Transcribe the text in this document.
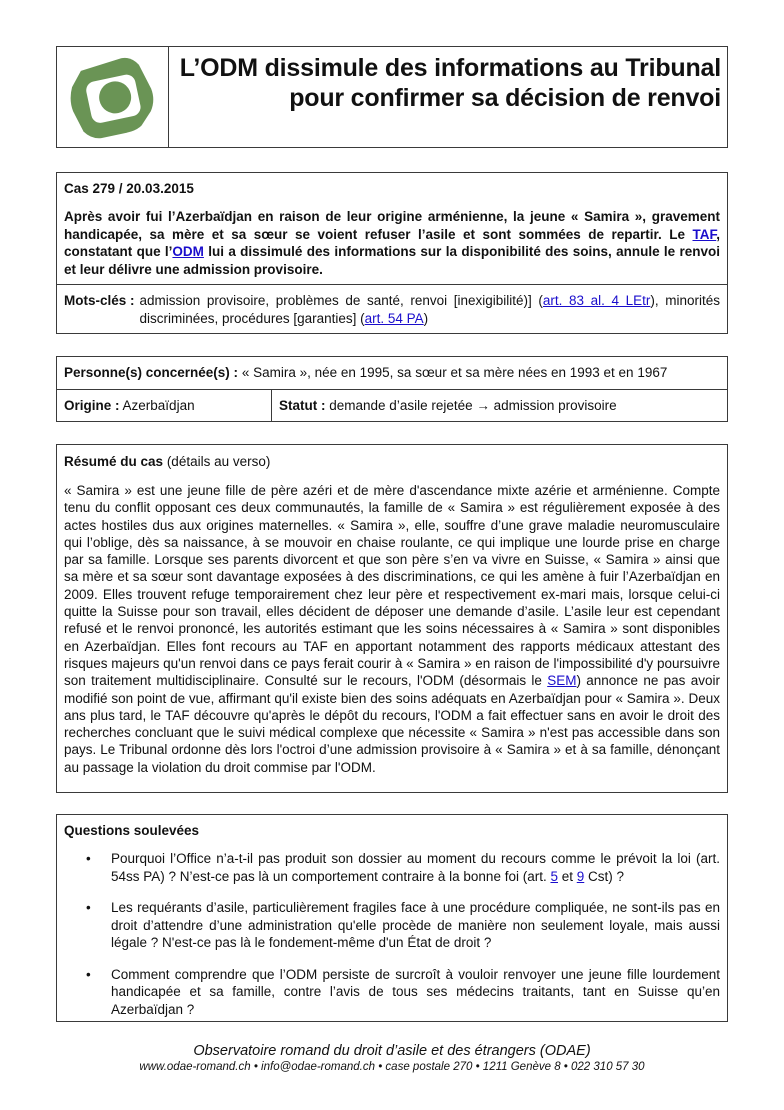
L’ODM dissimule des informations au Tribunal pour confirmer sa décision de renvoi
Cas 279 / 20.03.2015
Après avoir fui l’Azerbaïdjan en raison de leur origine arménienne, la jeune « Samira », gravement handicapée, sa mère et sa sœur se voient refuser l’asile et sont sommées de repartir. Le TAF, constatant que l’ODM lui a dissimulé des informations sur la disponibilité des soins, annule le renvoi et leur délivre une admission provisoire.
Mots-clés : admission provisoire, problèmes de santé, renvoi [inexigibilité)] (art. 83 al. 4 LEtr), minorités discriminées, procédures [garanties] (art. 54 PA)
Personne(s) concernée(s) : « Samira », née en 1995, sa sœur et sa mère nées en 1993 et en 1967
Origine : Azerbaïdjan	Statut : demande d’asile rejetée → admission provisoire
Résumé du cas (détails au verso)
« Samira » est une jeune fille de père azéri et de mère d'ascendance mixte azérie et arménienne. Compte tenu du conflit opposant ces deux communautés, la famille de « Samira » est régulièrement exposée à des actes hostiles dus aux origines maternelles. « Samira », elle, souffre d’une grave maladie neuromusculaire qui l’oblige, dès sa naissance, à se mouvoir en chaise roulante, ce qui implique une lourde prise en charge par sa famille. Lorsque ses parents divorcent et que son père s’en va vivre en Suisse, « Samira » ainsi que sa mère et sa sœur sont davantage exposées à des discriminations, ce qui les amène à fuir l’Azerbaïdjan en 2009. Elles trouvent refuge temporairement chez leur père et respectivement ex-mari mais, lorsque celui-ci quitte la Suisse pour son travail, elles décident de déposer une demande d’asile. L’asile leur est cependant refusé et le renvoi prononcé, les autorités estimant que les soins nécessaires à « Samira » sont disponibles en Azerbaïdjan. Elles font recours au TAF en apportant notamment des rapports médicaux attestant des risques majeurs qu'un renvoi dans ce pays ferait courir à « Samira » en raison de l'impossibilité d'y poursuivre son traitement multidisciplinaire. Consulté sur le recours, l'ODM (désormais le SEM) annonce ne pas avoir modifié son point de vue, affirmant qu'il existe bien des soins adéquats en Azerbaïdjan pour « Samira ». Deux ans plus tard, le TAF découvre qu'après le dépôt du recours, l'ODM a fait effectuer sans en avoir le droit des recherches concluant que le suivi médical complexe que nécessite « Samira » n'est pas accessible dans son pays. Le Tribunal ordonne dès lors l'octroi d’une admission provisoire à « Samira » et à sa famille, dénonçant au passage la violation du droit commise par l'ODM.
Questions soulevées
• Pourquoi l’Office n’a-t-il pas produit son dossier au moment du recours comme le prévoit la loi (art. 54ss PA) ? N’est-ce pas là un comportement contraire à la bonne foi (art. 5 et 9 Cst) ?
• Les requérants d’asile, particulièrement fragiles face à une procédure compliquée, ne sont-ils pas en droit d’attendre d’une administration qu'elle procède de manière non seulement loyale, mais aussi légale ? N'est-ce pas là le fondement-même d'un État de droit ?
• Comment comprendre que l’ODM persiste de surcroît à vouloir renvoyer une jeune fille lourdement handicapée et sa famille, contre l’avis de tous ses médecins traitants, tant en Suisse qu’en Azerbaïdjan ?
Observatoire romand du droit d’asile et des étrangers (ODAE)
www.odae-romand.ch • info@odae-romand.ch • case postale 270 • 1211 Genève 8 • 022 310 57 30
